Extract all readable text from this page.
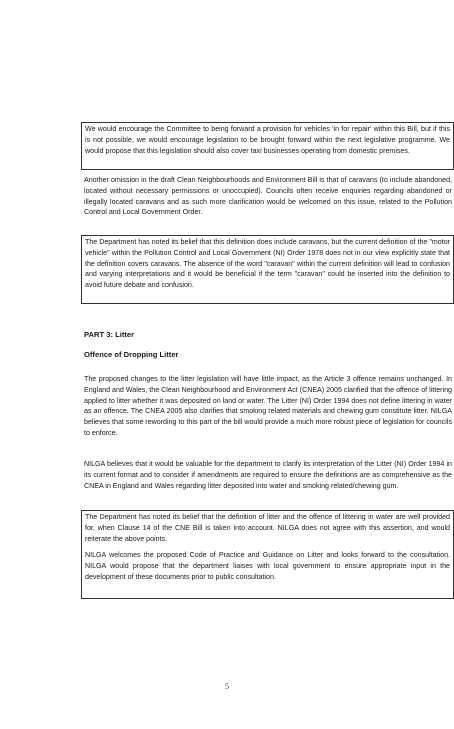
We would encourage the Committee to being forward a provision for vehicles 'in for repair' within this Bill, but if this is not possible, we would encourage legislation to be brought forward within the next legislative programme. We would propose that this legislation should also cover taxi businesses operating from domestic premises.

Another omission in the draft Clean Neighbourhoods and Environment Bill is that of caravans (to include abandoned, located without necessary permissions or unoccupied). Councils often receive enquiries regarding abandoned or illegally located caravans and as such more clarification would be welcomed on this issue, related to the Pollution Control and Local Government Order.

The Department has noted its belief that this definition does include caravans, but the current definition of the "motor vehicle" within the Pollution Control and Local Government (NI) Order 1978 does not in our view explicitly state that the definition covers caravans. The absence of the word "caravan" within the current definition will lead to confusion and varying interpretations and it would be beneficial if the term "caravan" could be inserted into the definition to avoid future debate and confusion.

PART 3: Litter

Offence of Dropping Litter

The proposed changes to the litter legislation will have little impact, as the Article 3 offence remains unchanged. In England and Wales, the Clean Neighbourhood and Environment Act (CNEA) 2005 clarified that the offence of littering applied to litter whether it was deposited on land or water. The Litter (NI) Order 1994 does not define littering in water as an offence. The CNEA 2005 also clarifies that smoking related materials and chewing gum constitute litter. NILGA believes that some rewording to this part of the bill would provide a much more robust piece of legislation for councils to enforce.

NILGA believes that it would be valuable for the department to clarify its interpretation of the Litter (NI) Order 1994 in its current format and to consider if amendments are required to ensure the definitions are as comprehensive as the CNEA in England and Wales regarding litter deposited into water and smoking related/chewing gum.

The Department has noted its belief that the definition of litter and the offence of littering in water are well provided for, when Clause 14 of the CNE Bill is taken into account. NILGA does not agree with this assertion, and would reiterate the above points.

NILGA welcomes the proposed Code of Practice and Guidance on Litter and looks forward to the consultation. NILGA would propose that the department liaises with local government to ensure appropriate input in the development of these documents prior to public consultation.

5
